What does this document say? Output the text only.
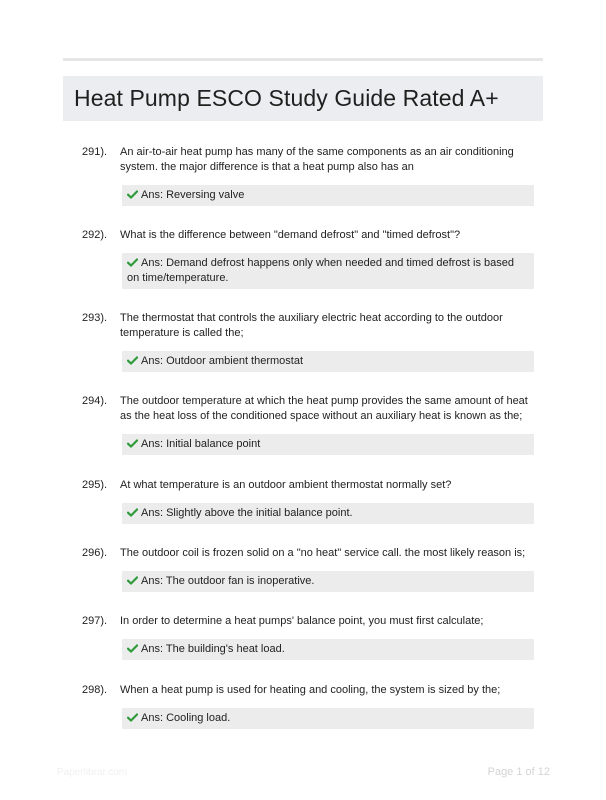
Heat Pump ESCO Study Guide Rated A+
291). An air-to-air heat pump has many of the same components as an air conditioning system. the major difference is that a heat pump also has an
Ans: Reversing valve
292). What is the difference between "demand defrost" and "timed defrost"?
Ans: Demand defrost happens only when needed and timed defrost is based on time/temperature.
293). The thermostat that controls the auxiliary electric heat according to the outdoor temperature is called the;
Ans: Outdoor ambient thermostat
294). The outdoor temperature at which the heat pump provides the same amount of heat as the heat loss of the conditioned space without an auxiliary heat is known as the;
Ans: Initial balance point
295). At what temperature is an outdoor ambient thermostat normally set?
Ans: Slightly above the initial balance point.
296). The outdoor coil is frozen solid on a "no heat" service call. the most likely reason is;
Ans: The outdoor fan is inoperative.
297). In order to determine a heat pumps' balance point, you must first calculate;
Ans: The building's heat load.
298). When a heat pump is used for heating and cooling, the system is sized by the;
Ans: Cooling load.
Paperlibrar.com	Page 1 of 12
